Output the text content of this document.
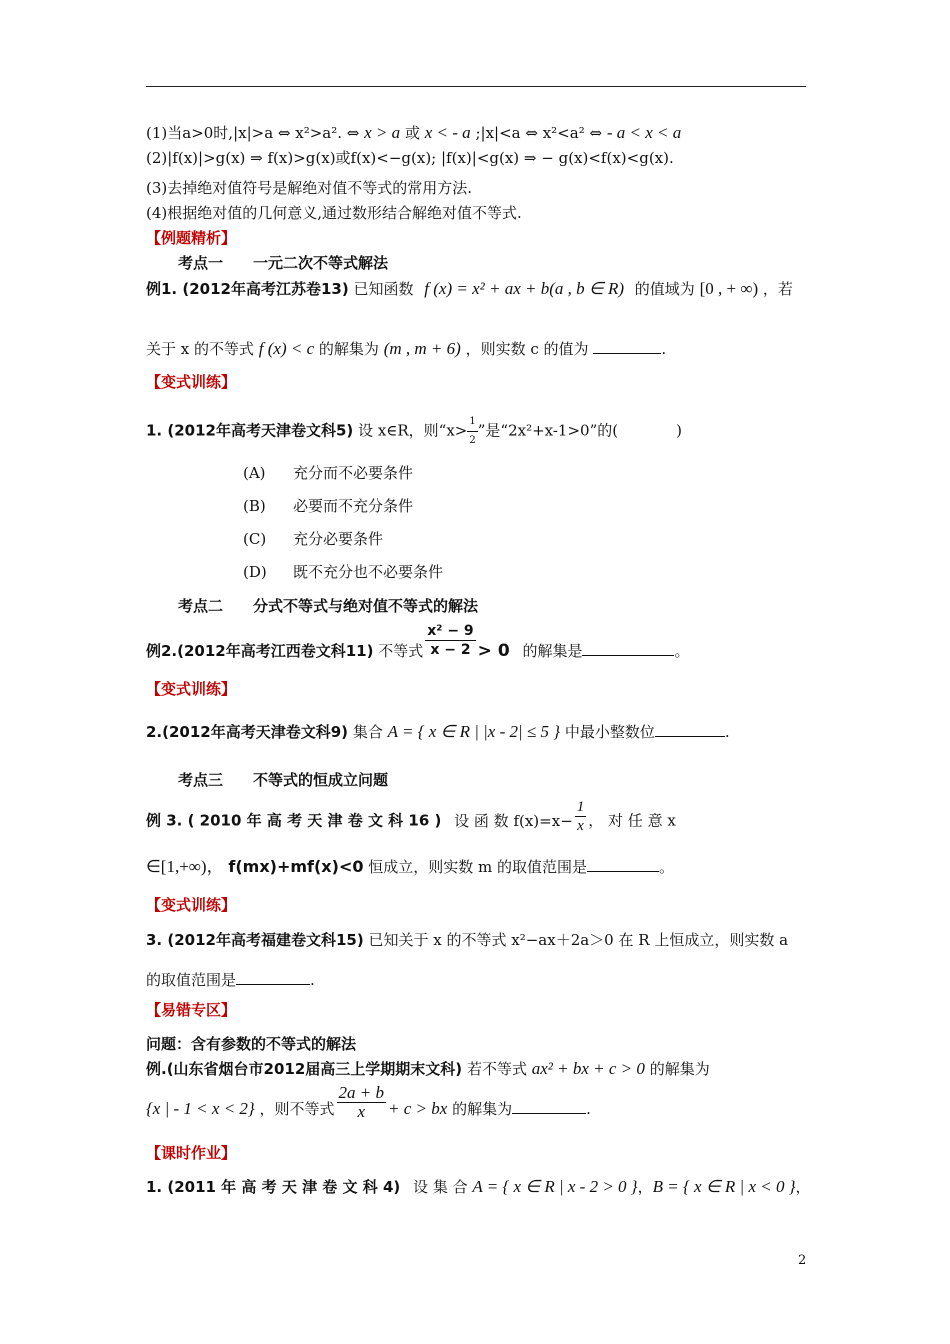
(1)当a>0时,|x|>a ⇔ x²>a². ⇔ x > a 或 x < - a ;|x|<a ⇔ x²<a² ⇔ - a < x < a
(2)|f(x)|>g(x) ⇒ f(x)>g(x)或f(x)<−g(x); |f(x)|<g(x) ⇒ − g(x)<f(x)<g(x).
(3)去掉绝对值符号是解绝对值不等式的常用方法.
(4)根据绝对值的几何意义,通过数形结合解绝对值不等式.
【例题精析】
考点一 一元二次不等式解法
例1. (2012年高考江苏卷13) 已知函数 f (x) = x² + ax + b(a , b ∈ R) 的值域为 [0 , + ∞) ，若
关于 x 的不等式 f (x) < c 的解集为 (m , m + 6) ，则实数 c 的值为	.
【变式训练】
1. (2012年高考天津卷文科5) 设 x∈R，则“$x> \frac{1}{2}$ ”是“2x²+x-1>0”的(	)
(A) 充分而不必要条件
(B) 必要而不充分条件
(C) 充分必要条件
(D) 既不充分也不必要条件
考点二 分式不等式与绝对值不等式的解法
例2.(2012年高考江西卷文科11) 不等式 $\frac{\text{x² − 9}}{x - 2} > 0$ 的解集是	。
【变式训练】
2.(2012年高考天津卷文科9) 集合 A = { x ∈ R | |x - 2| ≤ 5 } 中最小整数位	.
考点三 不等式的恒成立问题
例 3. ( 2010 年 高 考 天 津 卷 文 科 16 ) 设 函 数 $f(x)=x- \frac{1}{x}$ ， 对 任 意 x
∈[1,+∞)， f(mx)+mf(x)<0 恒成立，则实数 m 的取值范围是	。
【变式训练】
3. (2012年高考福建卷文科15) 已知关于 x 的不等式 x²−ax＋2a＞0 在 R 上恒成立，则实数 a
的取值范围是	.
【易错专区】
问题：含有参数的不等式的解法
例.(山东省烟台市2012届高三上学期期末文科) 若不等式 ax² + bx + c > 0 的解集为
{x | - 1 < x < 2} ，则不等式 $\frac{2a + b}{x} + c$ > bx 的解集为	.
【课时作业】
1. (2011 年 高 考 天 津 卷 文 科 4) 设 集 合 A = { x ∈ R | x - 2 > 0 }，B = { x ∈ R | x < 0 }，
2
